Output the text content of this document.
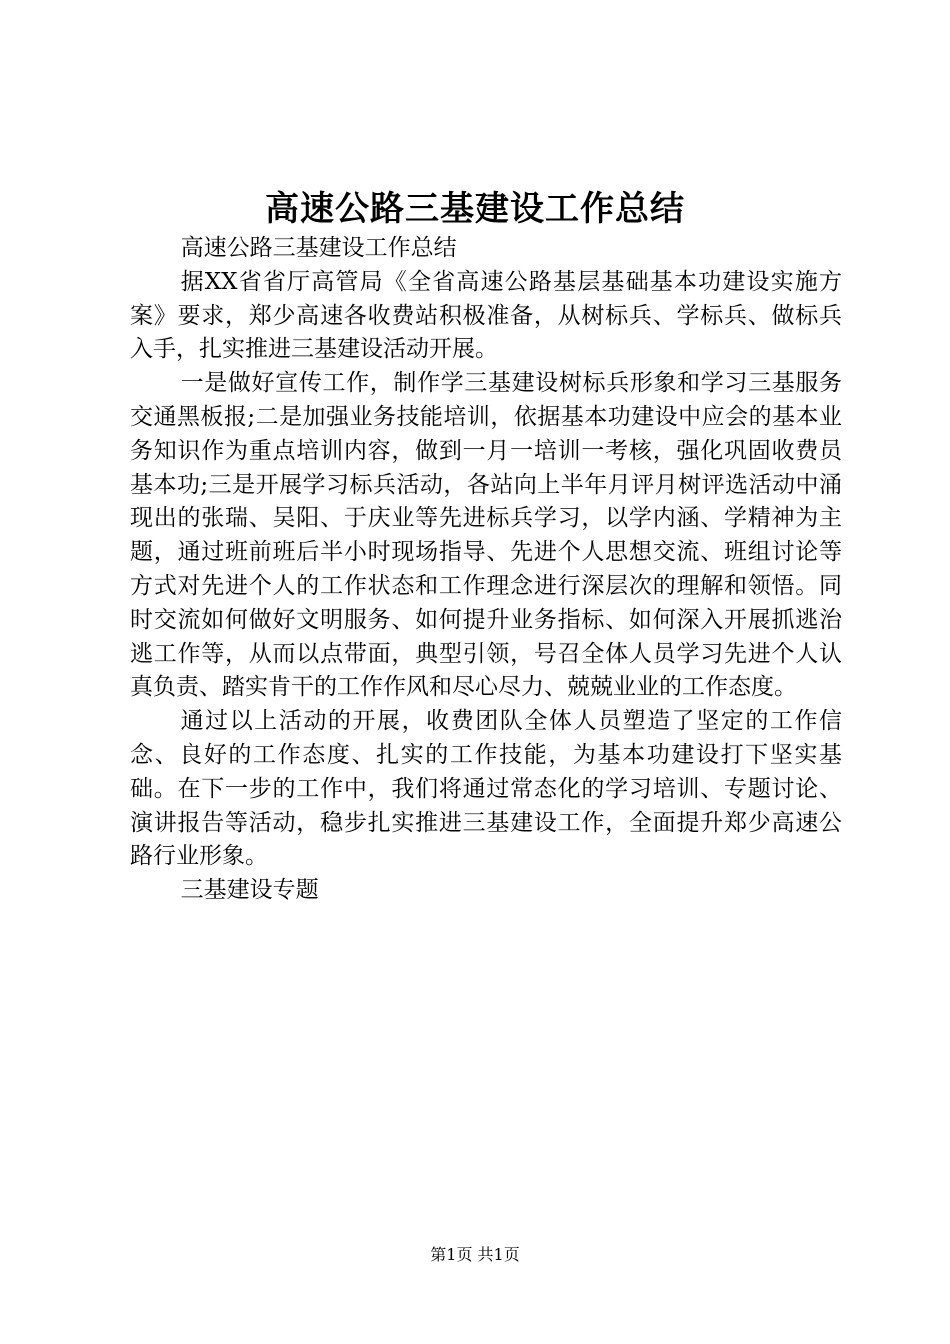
高速公路三基建设工作总结

高速公路三基建设工作总结

据XX省省厅高管局《全省高速公路基层基础基本功建设实施方案》要求，郑少高速各收费站积极准备，从树标兵、学标兵、做标兵入手，扎实推进三基建设活动开展。

一是做好宣传工作，制作学三基建设树标兵形象和学习三基服务交通黑板报;二是加强业务技能培训，依据基本功建设中应会的基本业务知识作为重点培训内容，做到一月一培训一考核，强化巩固收费员基本功;三是开展学习标兵活动，各站向上半年月评月树评选活动中涌现出的张瑞、吴阳、于庆业等先进标兵学习，以学内涵、学精神为主题，通过班前班后半小时现场指导、先进个人思想交流、班组讨论等方式对先进个人的工作状态和工作理念进行深层次的理解和领悟。同时交流如何做好文明服务、如何提升业务指标、如何深入开展抓逃治逃工作等，从而以点带面，典型引领，号召全体人员学习先进个人认真负责、踏实肯干的工作作风和尽心尽力、兢兢业业的工作态度。

通过以上活动的开展，收费团队全体人员塑造了坚定的工作信念、良好的工作态度、扎实的工作技能，为基本功建设打下坚实基础。在下一步的工作中，我们将通过常态化的学习培训、专题讨论、演讲报告等活动，稳步扎实推进三基建设工作，全面提升郑少高速公路行业形象。

三基建设专题

第1页 共1页
